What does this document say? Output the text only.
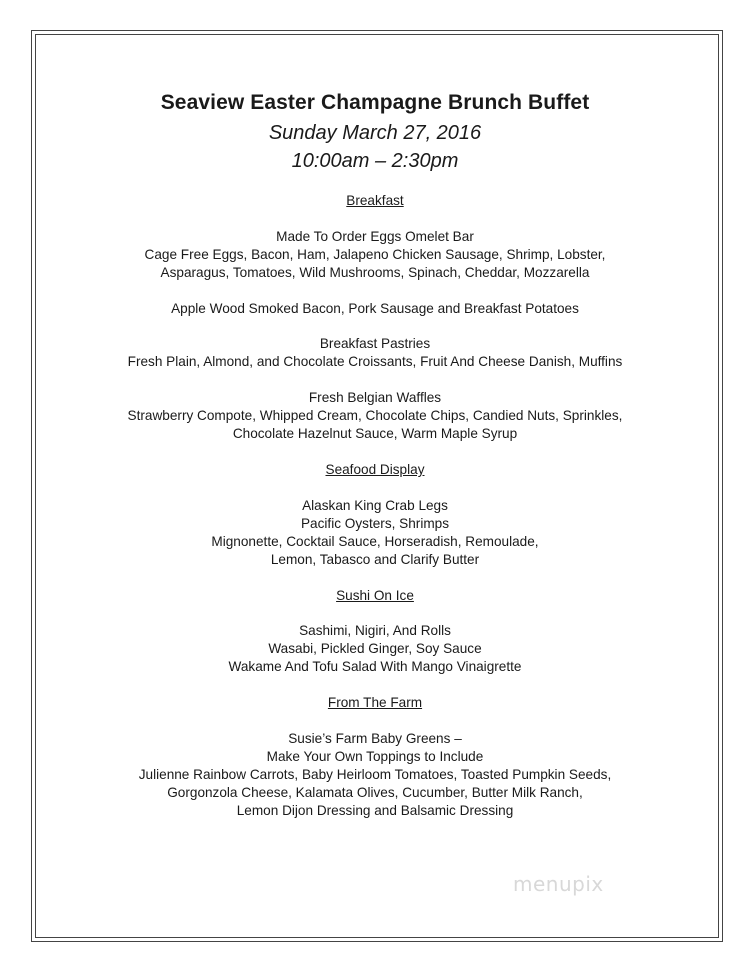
Seaview Easter Champagne Brunch Buffet
Sunday March 27, 2016
10:00am – 2:30pm
Breakfast
Made To Order Eggs Omelet Bar
Cage Free Eggs, Bacon, Ham, Jalapeno Chicken Sausage, Shrimp, Lobster,
Asparagus, Tomatoes, Wild Mushrooms, Spinach, Cheddar, Mozzarella
Apple Wood Smoked Bacon, Pork Sausage and Breakfast Potatoes
Breakfast Pastries
Fresh Plain, Almond, and Chocolate Croissants, Fruit And Cheese Danish, Muffins
Fresh Belgian Waffles
Strawberry Compote, Whipped Cream, Chocolate Chips, Candied Nuts, Sprinkles,
Chocolate Hazelnut Sauce, Warm Maple Syrup
Seafood Display
Alaskan King Crab Legs
Pacific Oysters, Shrimps
Mignonette, Cocktail Sauce, Horseradish, Remoulade,
Lemon, Tabasco and Clarify Butter
Sushi On Ice
Sashimi, Nigiri, And Rolls
Wasabi, Pickled Ginger, Soy Sauce
Wakame And Tofu Salad With Mango Vinaigrette
From The Farm
Susie’s Farm Baby Greens –
Make Your Own Toppings to Include
Julienne Rainbow Carrots, Baby Heirloom Tomatoes, Toasted Pumpkin Seeds,
Gorgonzola Cheese, Kalamata Olives, Cucumber, Butter Milk Ranch,
Lemon Dijon Dressing and Balsamic Dressing
menupix
